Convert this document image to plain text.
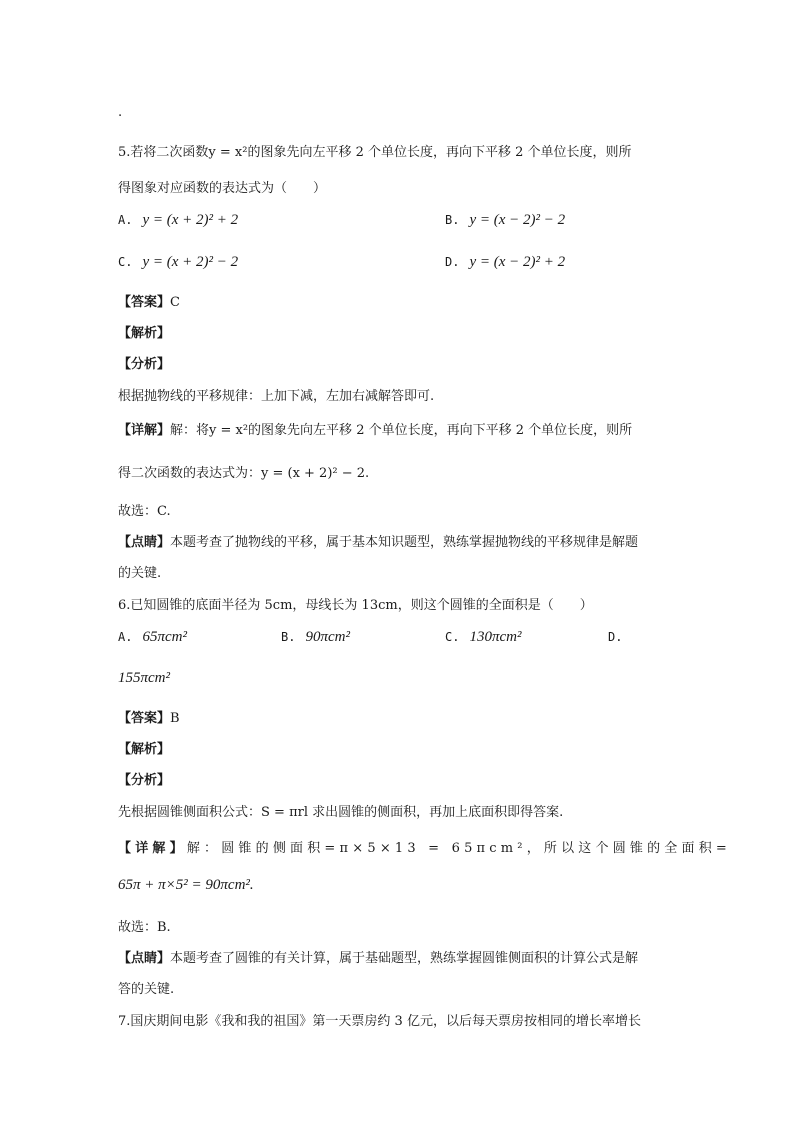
.
5.若将二次函数y = x²的图象先向左平移 2 个单位长度，再向下平移 2 个单位长度，则所
得图象对应函数的表达式为（　　）
A. y = (x + 2)² + 2	B. y = (x − 2)² − 2
C. y = (x + 2)² − 2	D. y = (x − 2)² + 2
【答案】C
【解析】
【分析】
根据抛物线的平移规律：上加下减，左加右减解答即可.
【详解】解：将y = x²的图象先向左平移 2 个单位长度，再向下平移 2 个单位长度，则所
得二次函数的表达式为：y = (x + 2)² − 2.
故选：C.
【点睛】本题考查了抛物线的平移，属于基本知识题型，熟练掌握抛物线的平移规律是解题
的关键.
6.已知圆锥的底面半径为 5cm，母线长为 13cm，则这个圆锥的全面积是（　　）
A. 65πcm²	B. 90πcm²	C. 130πcm²	D.
155πcm²
【答案】B
【解析】
【分析】
先根据圆锥侧面积公式：S = πrl 求出圆锥的侧面积，再加上底面积即得答案.
【详解】解：圆锥的侧面积=π×5×13 = 65πcm²，所以这个圆锥的全面积=
65π + π×5² = 90πcm².
故选：B.
【点睛】本题考查了圆锥的有关计算，属于基础题型，熟练掌握圆锥侧面积的计算公式是解
答的关键.
7.国庆期间电影《我和我的祖国》第一天票房约 3 亿元，以后每天票房按相同的增长率增长
